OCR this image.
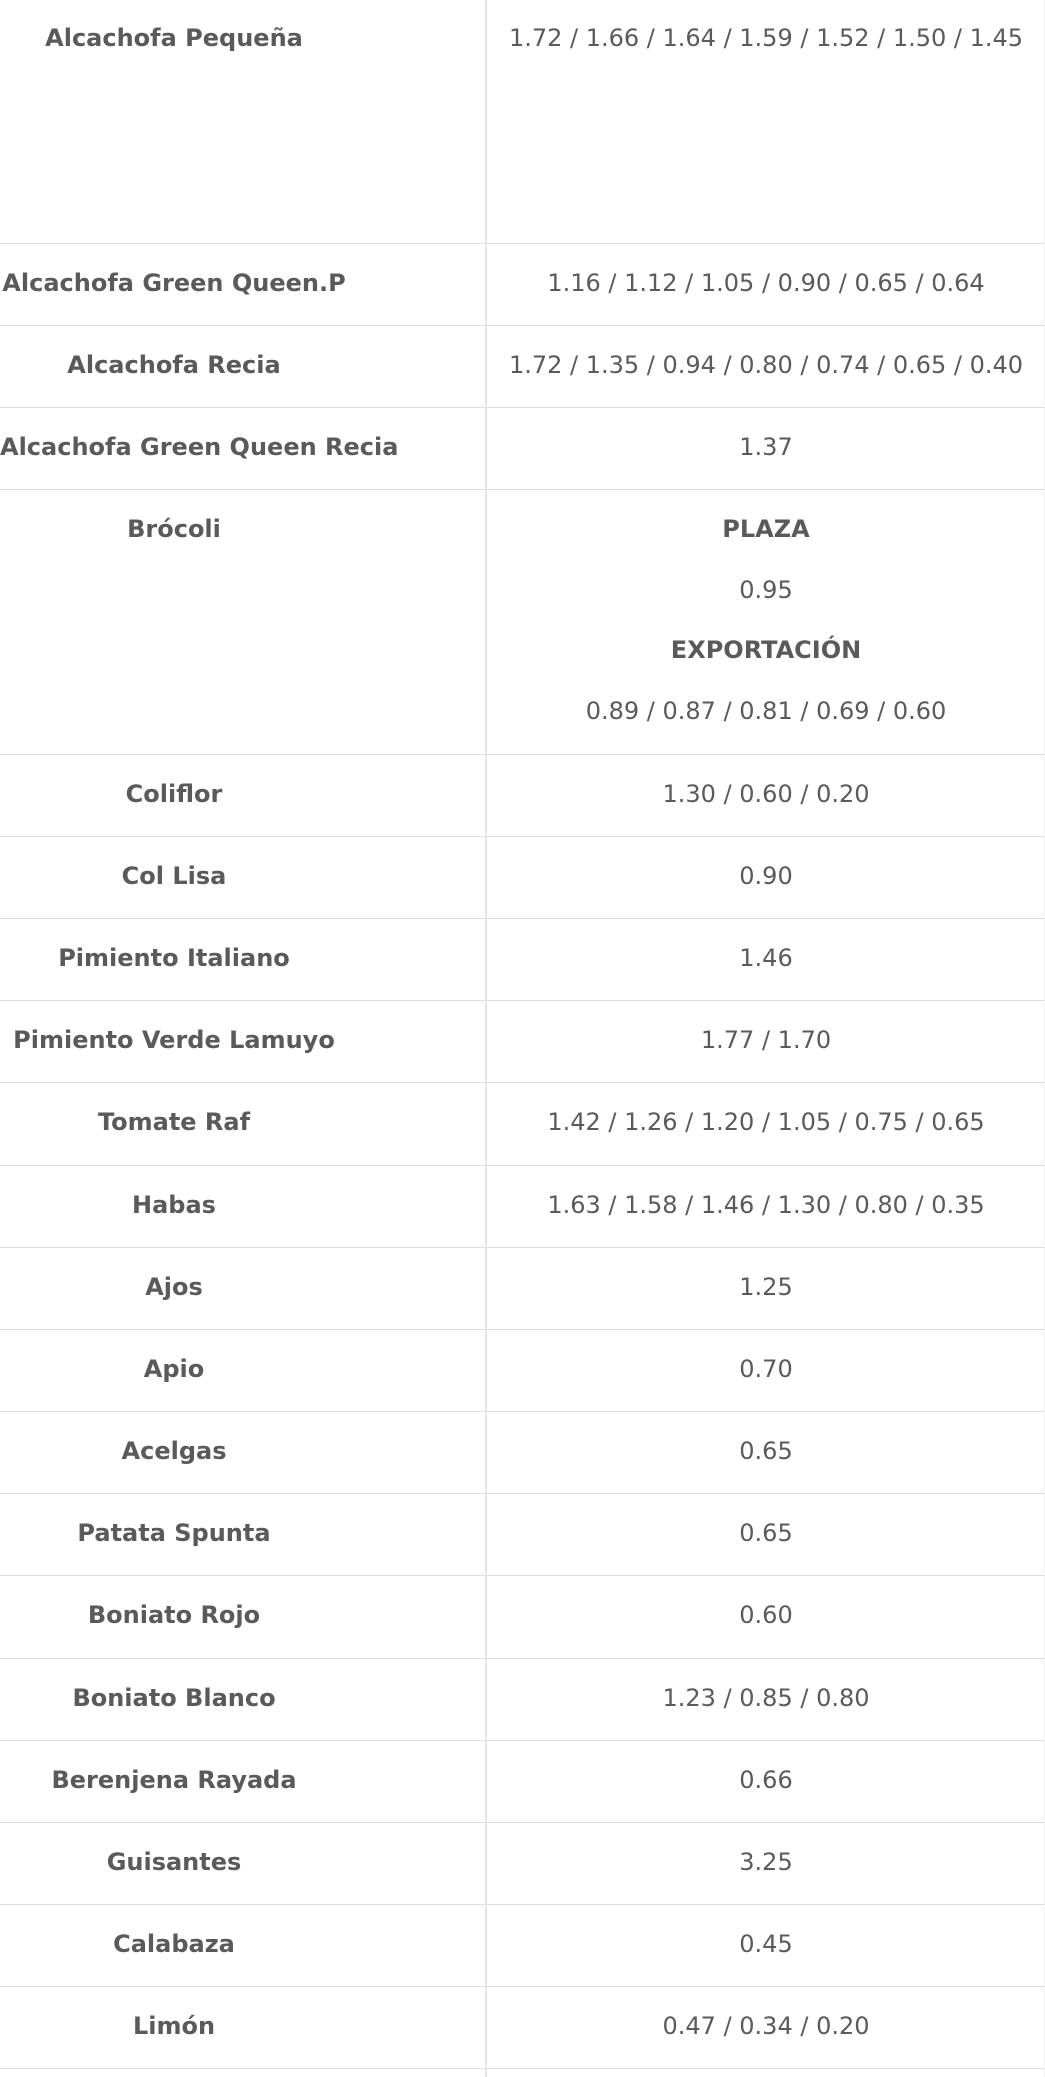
Alcachofa Pequeña	1.72 / 1.66 / 1.64 / 1.59 / 1.52 / 1.50 / 1.45
Alcachofa Green Queen.P	1.16 / 1.12 / 1.05 / 0.90 / 0.65 / 0.64
Alcachofa Recia	1.72 / 1.35 / 0.94 / 0.80 / 0.74 / 0.65 / 0.40
Alcachofa Green Queen Recia	1.37
Brócoli	PLAZA
0.95
EXPORTACIÓN
0.89 / 0.87 / 0.81 / 0.69 / 0.60
Coliflor	1.30 / 0.60 / 0.20
Col Lisa	0.90
Pimiento Italiano	1.46
Pimiento Verde Lamuyo	1.77 / 1.70
Tomate Raf	1.42 / 1.26 / 1.20 / 1.05 / 0.75 / 0.65
Habas	1.63 / 1.58 / 1.46 / 1.30 / 0.80 / 0.35
Ajos	1.25
Apio	0.70
Acelgas	0.65
Patata Spunta	0.65
Boniato Rojo	0.60
Boniato Blanco	1.23 / 0.85 / 0.80
Berenjena Rayada	0.66
Guisantes	3.25
Calabaza	0.45
Limón	0.47 / 0.34 / 0.20
